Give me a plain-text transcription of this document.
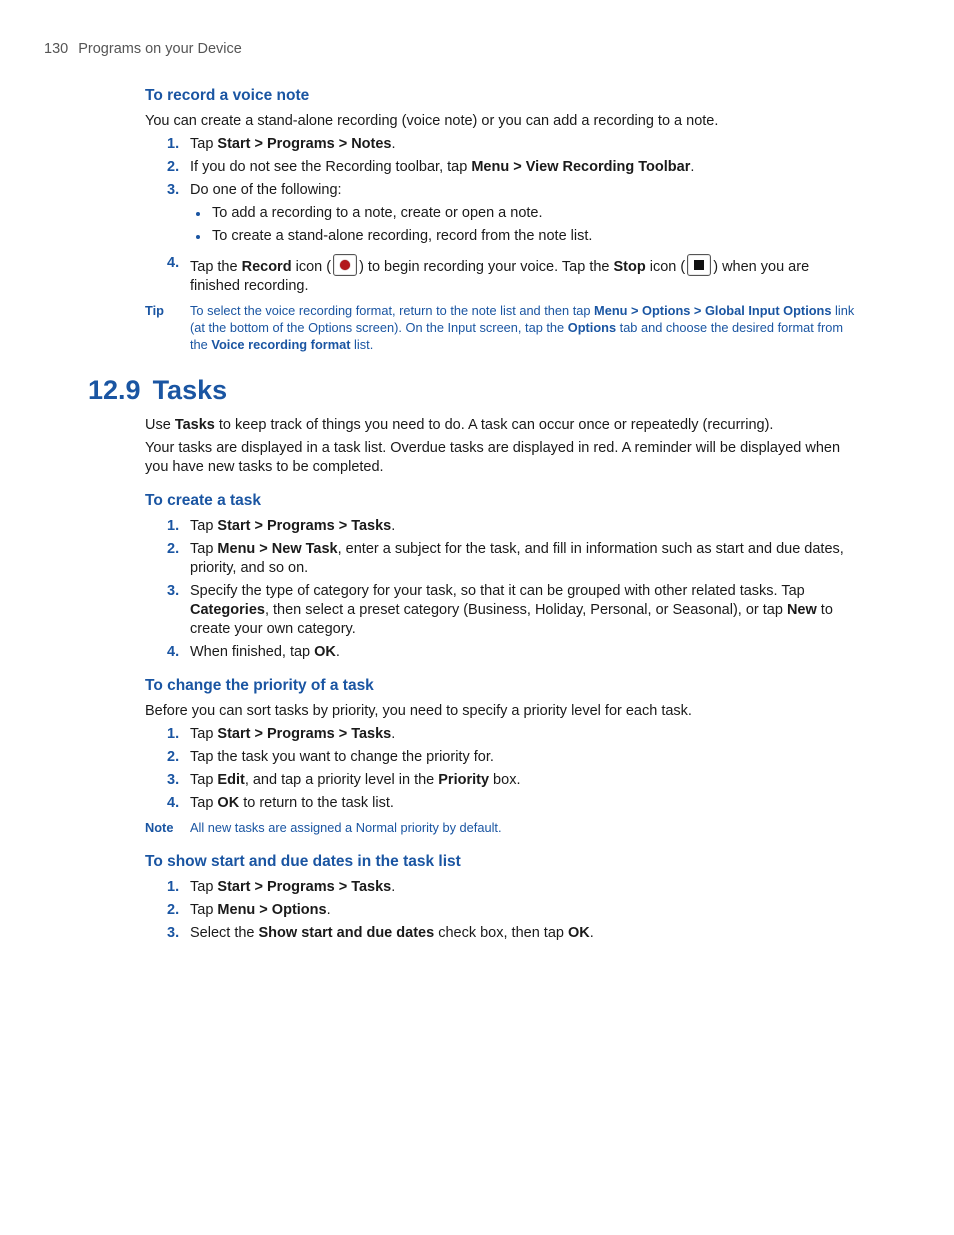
130 Programs on your Device
12.9 Tasks
To record a voice note

You can create a stand-alone recording (voice note) or you can add a recording to a note.

1. Tap Start > Programs > Notes.
2. If you do not see the Recording toolbar, tap Menu > View Recording Toolbar.
3. Do one of the following:
To add a recording to a note, create or open a note.
To create a stand-alone recording, record from the note list.
4. Tap the Record icon ( ) to begin recording your voice. Tap the Stop icon ( ) when you are finished recording.
Tip To select the voice recording format, return to the note list and then tap Menu > Options > Global Input Options link (at the bottom of the Options screen). On the Input screen, tap the Options tab and choose the desired format from the Voice recording format list.

Use Tasks to keep track of things you need to do. A task can occur once or repeatedly (recurring).

Your tasks are displayed in a task list. Overdue tasks are displayed in red. A reminder will be displayed when you have new tasks to be completed.

To create a task
1. Tap Start > Programs > Tasks.
2. Tap Menu > New Task, enter a subject for the task, and fill in information such as start and due dates, priority, and so on.
3. Specify the type of category for your task, so that it can be grouped with other related tasks. Tap Categories, then select a preset category (Business, Holiday, Personal, or Seasonal), or tap New to create your own category.
4. When finished, tap OK.
To change the priority of a task

Before you can sort tasks by priority, you need to specify a priority level for each task.

1. Tap Start > Programs > Tasks.
2. Tap the task you want to change the priority for.
3. Tap Edit, and tap a priority level in the Priority box.
4. Tap OK to return to the task list.
Note All new tasks are assigned a Normal priority by default.
To show start and due dates in the task list
1. Tap Start > Programs > Tasks.
2. Tap Menu > Options.
3. Select the Show start and due dates check box, then tap OK.
